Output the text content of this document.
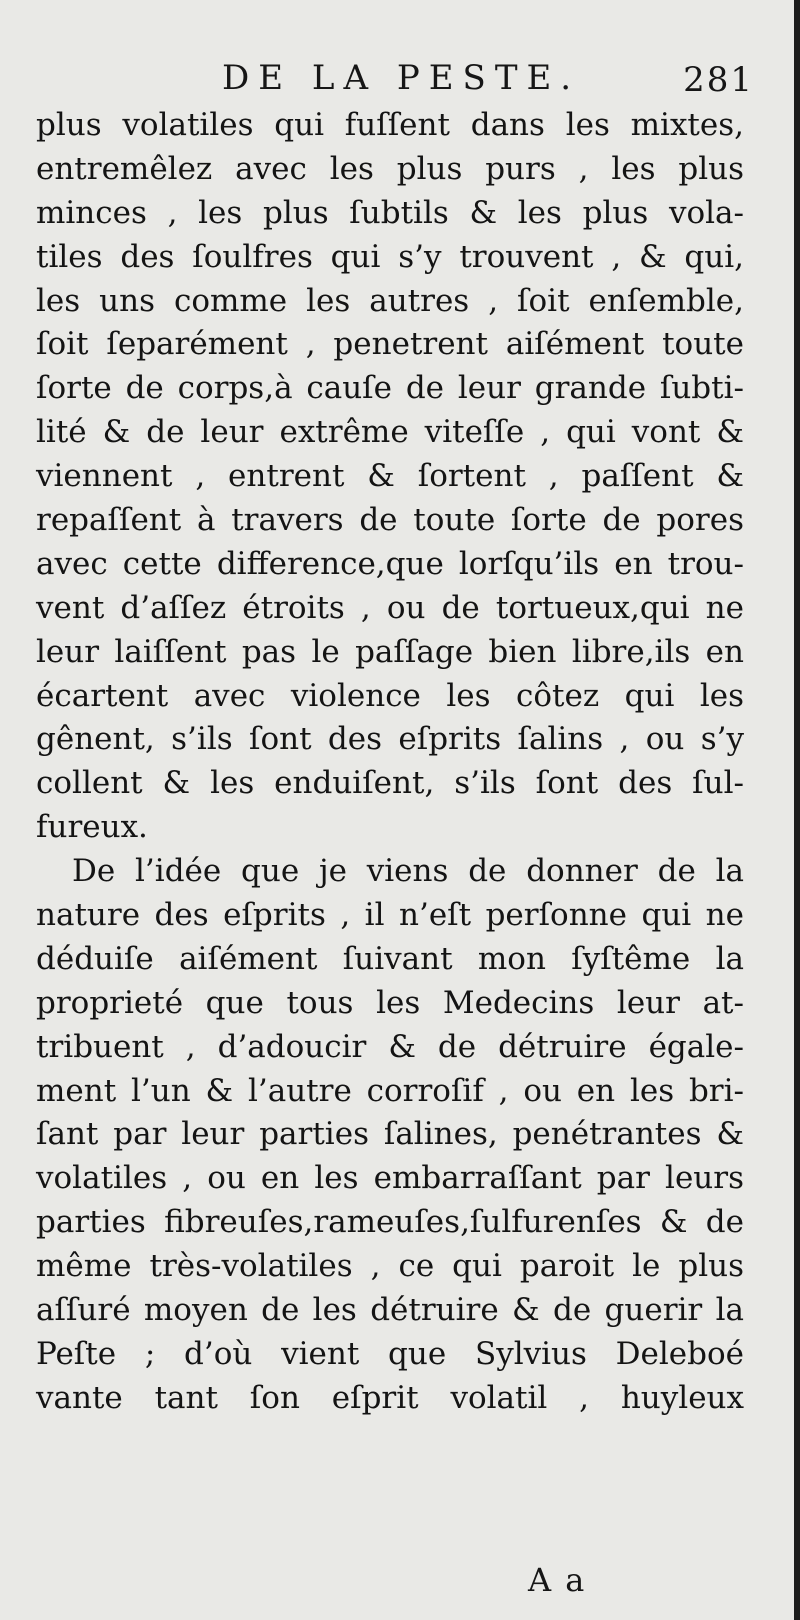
DE LA PESTE.	281
plus volatiles qui fuſſent dans les mixtes,
entremêlez avec les plus purs , les plus
minces , les plus ſubtils & les plus vola-
tiles des ſoulfres qui s’y trouvent , & qui,
les uns comme les autres , ſoit enſemble,
ſoit ſeparément , penetrent aiſément toute
ſorte de corps,à cauſe de leur grande ſubti-
lité & de leur extrême viteſſe , qui vont &
viennent , entrent & ſortent , paſſent &
repaſſent à travers de toute ſorte de pores
avec cette difference,que lorſqu’ils en trou-
vent d’aſſez étroits , ou de tortueux,qui ne
leur laiſſent pas le paſſage bien libre,ils en
écartent avec violence les côtez qui les
gênent, s’ils ſont des eſprits ſalins , ou s’y
collent & les enduiſent, s’ils ſont des ſul-
fureux.
De l’idée que je viens de donner de la
nature des eſprits , il n’eſt perſonne qui ne
déduiſe aiſément ſuivant mon ſyſtême la
proprieté que tous les Medecins leur at-
tribuent , d’adoucir & de détruire égale-
ment l’un & l’autre corroſif , ou en les bri-
ſant par leur parties ſalines, penétrantes &
volatiles , ou en les embarraſſant par leurs
parties fibreuſes,rameuſes,ſulfurenſes & de
même très-volatiles , ce qui paroit le plus
aſſuré moyen de les détruire & de guerir la
Peſte ; d’où vient que Sylvius Deleboé
vante tant ſon eſprit volatil , huyleux
A a
